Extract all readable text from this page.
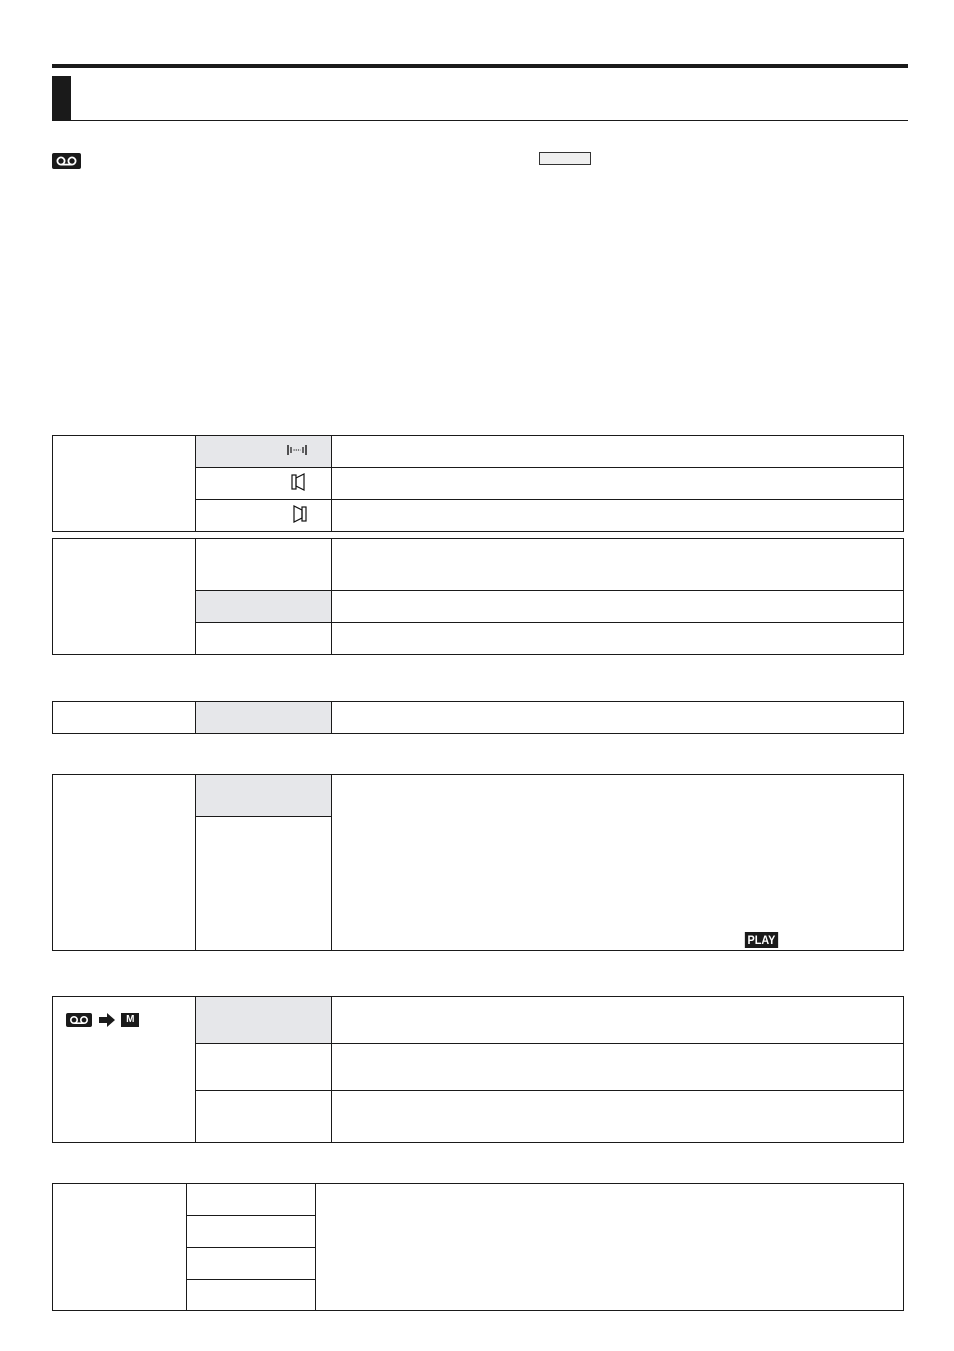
PLAY

M		
